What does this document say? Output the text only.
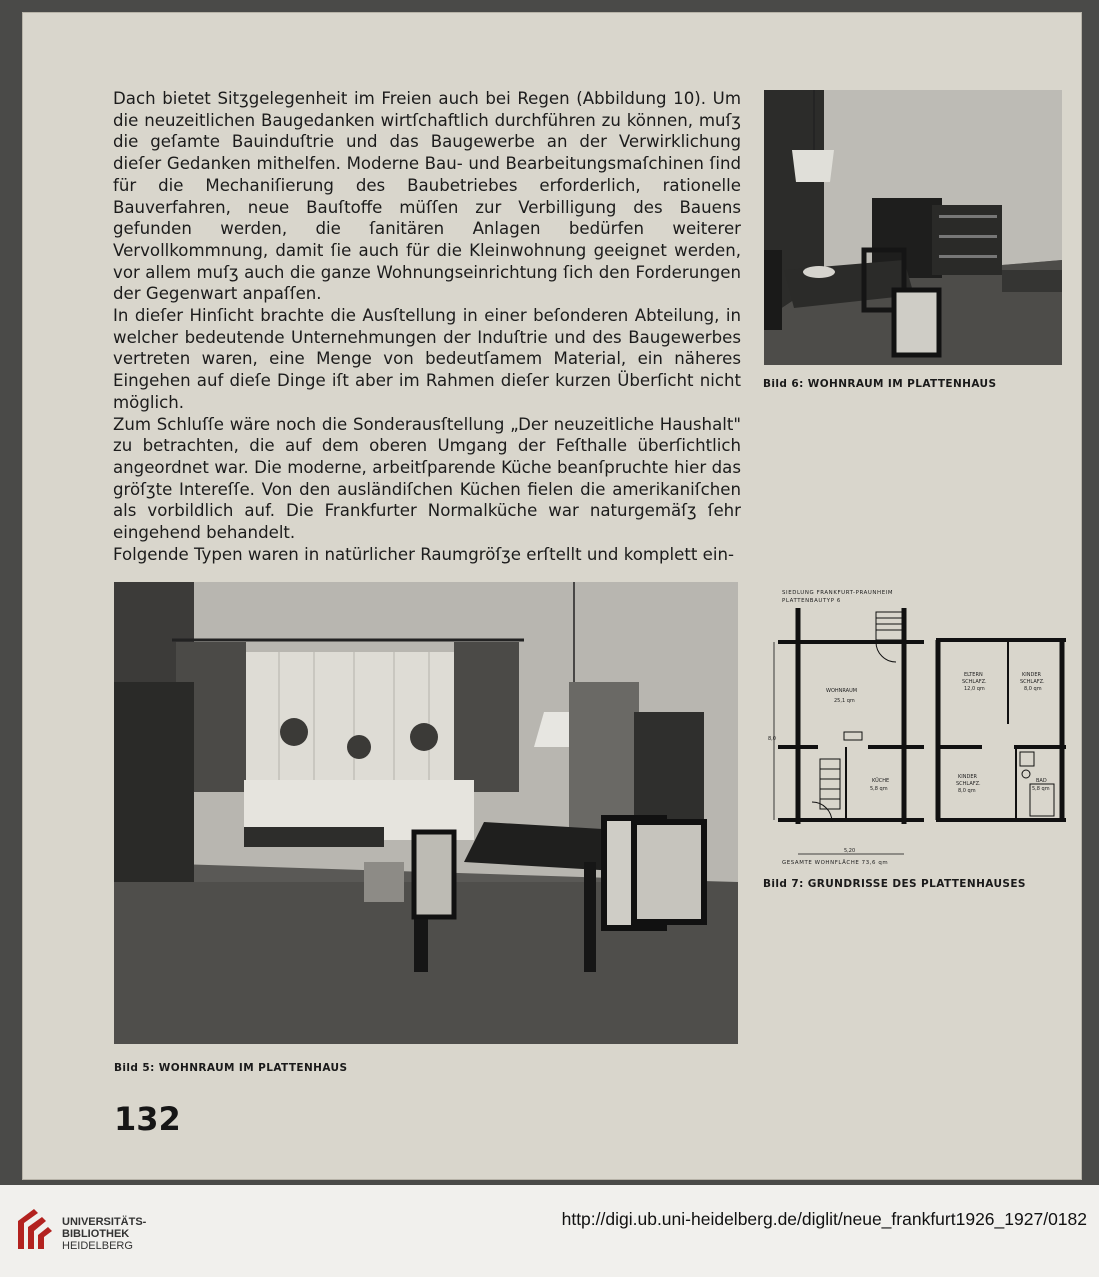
Dach bietet Sitʒgelegenheit im Freien auch bei Regen (Abbildung 10). Um die neuzeitlichen Baugedanken wirtſchaftlich durchführen zu können, muſʒ die geſamte Bauinduſtrie und das Baugewerbe an der Verwirklichung dieſer Gedanken mithelfen. Moderne Bau- und Bearbeitungsmaſchinen ſind für die Mechaniſierung des Baubetriebes erforderlich, rationelle Bauverfahren, neue Bauſtoffe müſſen zur Verbilligung des Bauens gefunden werden, die ſanitären Anlagen bedürfen weiterer Vervollkommnung, damit ſie auch für die Kleinwohnung geeignet werden, vor allem muſʒ auch die ganze Wohnungseinrichtung ſich den Forderungen der Gegenwart anpaſſen.

In dieſer Hinſicht brachte die Ausſtellung in einer beſonderen Abteilung, in welcher bedeutende Unternehmungen der Induſtrie und des Baugewerbes vertreten waren, eine Menge von bedeutſamem Material, ein näheres Eingehen auf dieſe Dinge iſt aber im Rahmen dieſer kurzen Überſicht nicht möglich.

Zum Schluſſe wäre noch die Sonderausſtellung „Der neuzeitliche Haushalt" zu betrachten, die auf dem oberen Umgang der Feſthalle überſichtlich angeordnet war. Die moderne, arbeitſparende Küche beanſpruchte hier das gröſʒte Intereſſe. Von den ausländiſchen Küchen fielen die amerikaniſchen als vorbildlich auf. Die Frankfurter Normalküche war naturgemäſʒ ſehr eingehend behandelt.

Folgende Typen waren in natürlicher Raumgröſʒe erſtellt und komplett ein-

Bild 6: WOHNRAUM IM PLATTENHAUS
SIEDLUNG FRANKFURT-PRAUNHEIM
PLATTENBAUTYP 6
WOHNRAUM
25,1 qm
KÜCHE
5,8 qm
8,0
5,20
ELTERN
SCHLAFZ.
12,0 qm
KINDER
SCHLAFZ.
8,0 qm
KINDER
SCHLAFZ.
8,0 qm
BAD
5,8 qm
GESAMTE WOHNFLÄCHE 73,6 qm
Bild 7: GRUNDRISSE DES PLATTENHAUSES
Bild 5: WOHNRAUM IM PLATTENHAUS
132
UNIVERSITÄTS-
BIBLIOTHEK
HEIDELBERG
http://digi.ub.uni-heidelberg.de/diglit/neue_frankfurt1926_1927/0182
